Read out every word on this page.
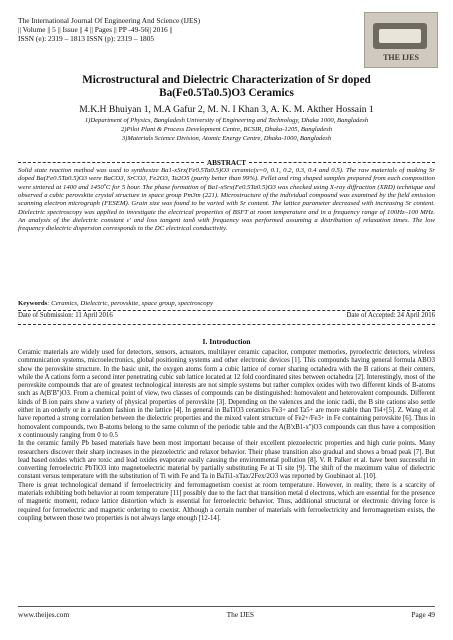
The International Journal Of Engineering And Science (IJES)
|| Volume || 5 || Issue || 4 || Pages || PP -49-56|| 2016 ||
ISSN (e): 2319 – 1813 ISSN (p): 2319 – 1805
THE IJES
Microstructural and Dielectric Characterization of Sr doped
Ba(Fe0.5Ta0.5)O3 Ceramics
M.K.H Bhuiyan 1, M.A Gafur 2, M. N. I Khan 3, A. K. M. Akther Hossain 1
1)Department of Physics, Bangladesh University of Engineering and Technology, Dhaka 1000, Bangladesh
2)Pilot Plant & Process Development Centre, BCSIR, Dhaka-1205, Bangladesh
3)Materials Science Division, Atomic Energy Centre, Dhaka-1000, Bangladesh
ABSTRACT
Solid state reaction method was used to synthesize Ba1-xSrx(Fe0.5Ta0.5)O3 ceramic(x=0, 0.1, 0.2, 0.3, 0.4 and 0.5). The raw materials of making Sr doped Ba(Fe0.5Ta0.5)O3 were BaCO3, SrCO3, Fe2O3, Ta2O5 (purity better than 99%). Pellet and ring shaped samples prepared from each composition were sintered at 1400 and 1450ºC for 5 hour. The phase formation of Ba1-xSrx(Fe0.5Ta0.5)O3 was checked using X-ray diffraction (XRD) technique and observed a cubic perovskite crystal structure in space group Pm3m (221). Microstructure of the individual compound was examined by the field emission scanning electron micrograph (FESEM). Grain size was found to be varied with Sr content. The lattice parameter decreased with increasing Sr content. Dielectric spectroscopy was applied to investigate the electrical properties of BSFT at room temperature and in a frequency range of 100Hz–100 MHz. An analysis of the dielectric constant ε' and loss tangent tanδ with frequency was performed assuming a distribution of relaxation times. The low frequency dielectric dispersion corresponds to the DC electrical conductivity.
Keywords: Ceramics, Dielectric, perovskite, space group, spectroscopy
Date of Submission: 11 April 2016	Date of Accepted: 24 April 2016
I. Introduction

Ceramic materials are widely used for detectors, sensors, actuators, multilayer ceramic capacitor, computer memories, pyroelectric detectors, wireless communication systems, microelectronics, global positioning systems and other electronic devices [1]. This compounds having general formula ABO3 show the perovskite structure. In the basic unit, the oxygen atoms form a cubic lattice of corner sharing octahedra with the B cations at their centers, while the A cations form a second inter penetrating cubic sub lattice located at 12 fold coordinated sites between octahedra [2]. Interestingly, most of the perovskite compounds that are of greatest technological interests are not simple systems but rather complex oxides with two different kinds of B-atoms such as A(B'B'')O3. From a chemical point of view, two classes of compounds can be distinguished: homovalent and heterovalent compounds. Different kinds of B ion pairs show a variety of physical properties of perovskite [3]. Depending on the valences and the ionic radii, the B site cations also settle either in an orderly or in a random fashion in the lattice [4]. In general in BaTiO3 ceramics Fe3+ and Ta5+ are more stable than Ti4+[5]. Z. Wang et al have reported a strong correlation between the dielectric properties and the mixed valent structure of Fe2+/Fe3+ in Fe containing perovskite [6]. Thus in homovalent compounds, two B-atoms belong to the same column of the periodic table and the A(B'xB1-x'')O3 compounds can thus have a composition x continuously ranging from 0 to 0.5

In the ceramic family Pb based materials have been most important because of their excellent piezoelectric properties and high curie points. Many researchers discover their sharp increases in the piezoelectric and relaxor behavior. Their phase transition also gradual and shows a broad peak [7]. But lead based oxides which are toxic and lead oxides evaporate easily causing the environmental pollution [8]. V. R Palker et al. have been successful in converting ferroelectric PbTiO3 into magnetoelectric material by partially substituting Fe at Ti site [9]. The shift of the maximum value of dielectric constant versus temperature with the substitution of Ti with Fe and Ta in BaTi1-xTax/2Fex/2O3 was reported by Goubinaot al. [10].

There is great technological demand if ferroelectricity and ferromagnetism coexist at room temperature. However, in reality, there is a scarcity of materials exhibiting both behavior at room temperature [11] possibly due to the fact that transition metal d electrons, which are essential for the presence of magnetic moment, reduce lattice distortion which is essential for ferroelectric behavior. Thus, additional structural or electronic driving force is required for ferroelectric and magnetic ordering to coexist. Although a certain number of materials with ferroelectricity and ferromagnetism exists, the coupling between those two properties is not always large enough [12-14].

www.theijes.com	The IJES	Page 49
